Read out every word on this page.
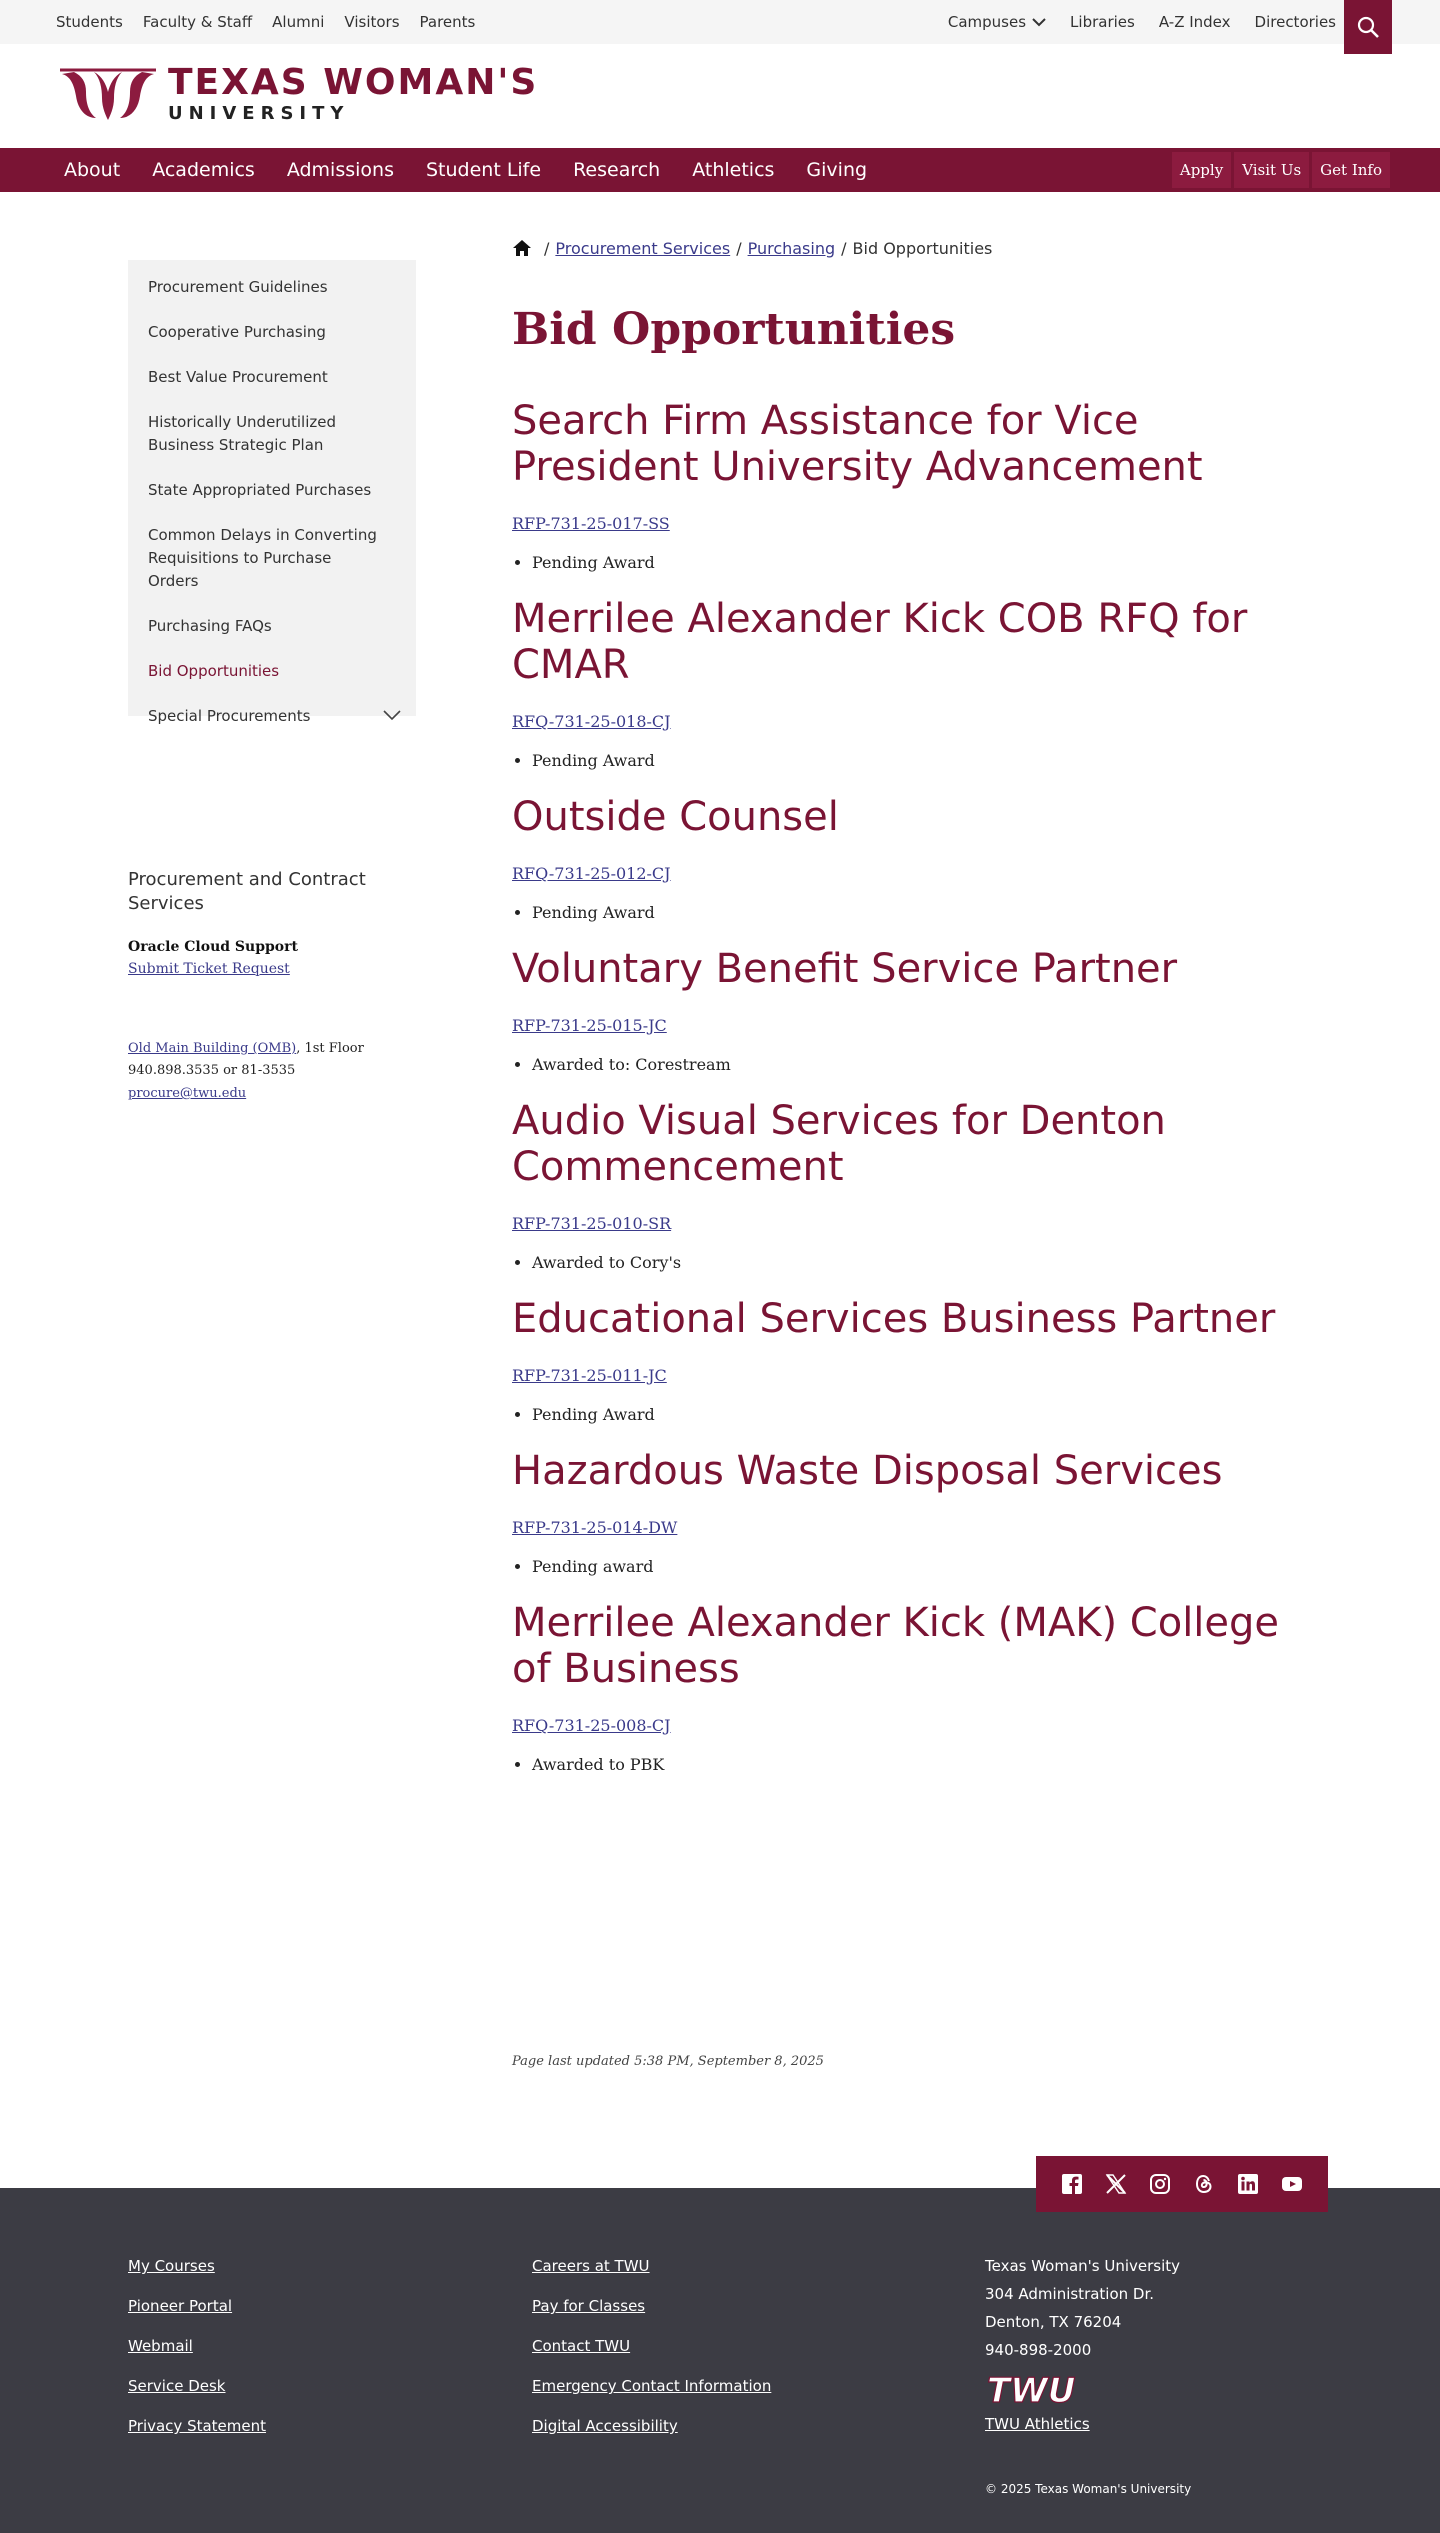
Students Faculty & Staff Alumni Visitors Parents	Campuses	Libraries A-Z Index Directories
TEXAS WOMAN'S
UNIVERSITY
About	Academics	Admissions	Student Life	Research	Athletics	Giving	Apply	Visit Us	Get Info
Procurement Guidelines
Cooperative Purchasing
Best Value Procurement
Historically Underutilized Business Strategic Plan
State Appropriated Purchases
Common Delays in Converting Requisitions to Purchase Orders
Purchasing FAQs
Bid Opportunities
Special Procurements
Procurement and Contract Services
Oracle Cloud Support
Submit Ticket Request
Old Main Building (OMB), 1st Floor
940.898.3535 or 81-3535
procure@twu.edu
/ Procurement Services / Purchasing / Bid Opportunities
Bid Opportunities
Search Firm Assistance for Vice President University Advancement
RFP-731-25-017-SS
• Pending Award
Merrilee Alexander Kick COB RFQ for CMAR
RFQ-731-25-018-CJ
• Pending Award
Outside Counsel
RFQ-731-25-012-CJ
• Pending Award
Voluntary Benefit Service Partner
RFP-731-25-015-JC
• Awarded to: Corestream
Audio Visual Services for Denton Commencement
RFP-731-25-010-SR
• Awarded to Cory's
Educational Services Business Partner
RFP-731-25-011-JC
• Pending Award
Hazardous Waste Disposal Services
RFP-731-25-014-DW
• Pending award
Merrilee Alexander Kick (MAK) College of Business
RFQ-731-25-008-CJ
• Awarded to PBK
Page last updated 5:38 PM, September 8, 2025
My Courses
Pioneer Portal
Webmail
Service Desk
Privacy Statement
Careers at TWU
Pay for Classes
Contact TWU
Emergency Contact Information
Digital Accessibility
Texas Woman's University
304 Administration Dr.
Denton, TX 76204
940-898-2000
TWU
TWU Athletics
© 2025 Texas Woman's University
